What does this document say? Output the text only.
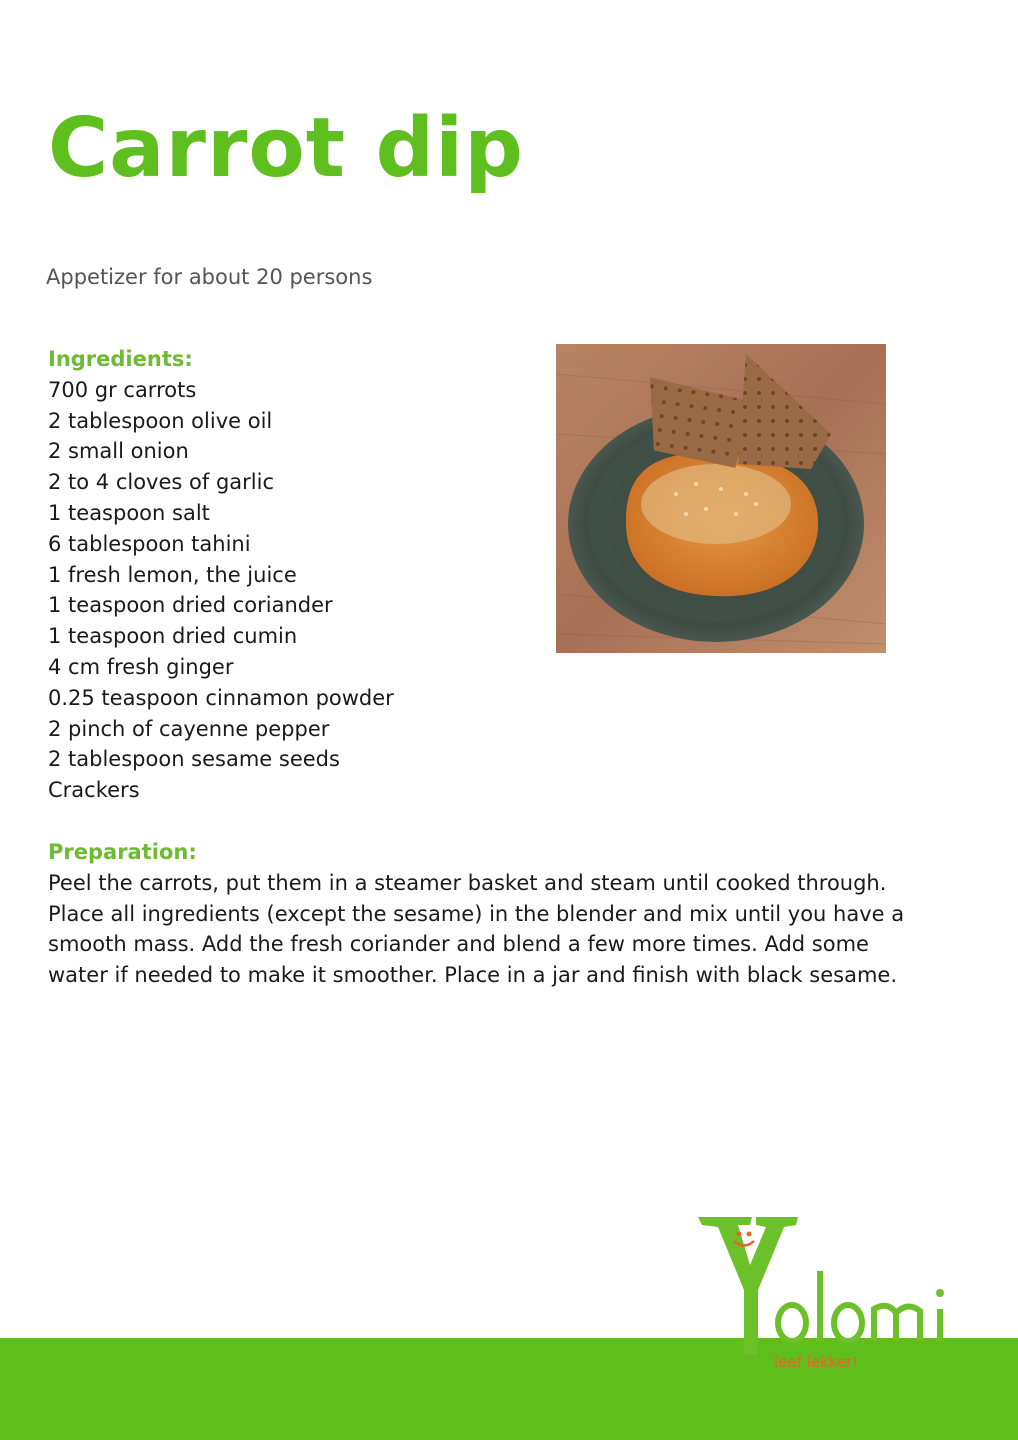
Carrot dip

Appetizer for about 20 persons

Ingredients:
700 gr carrots
2 tablespoon olive oil
2 small onion
2 to 4 cloves of garlic
1 teaspoon salt
6 tablespoon tahini
1 fresh lemon, the juice
1 teaspoon dried coriander
1 teaspoon dried cumin
4 cm fresh ginger
0.25 teaspoon cinnamon powder
2 pinch of cayenne pepper
2 tablespoon sesame seeds
Crackers
Preparation:

Peel the carrots, put them in a steamer basket and steam until cooked through. Place all ingredients (except the sesame) in the blender and mix until you have a smooth mass. Add the fresh coriander and blend a few more times. Add some water if needed to make it smoother. Place in a jar and finish with black sesame.

leef lekker!
